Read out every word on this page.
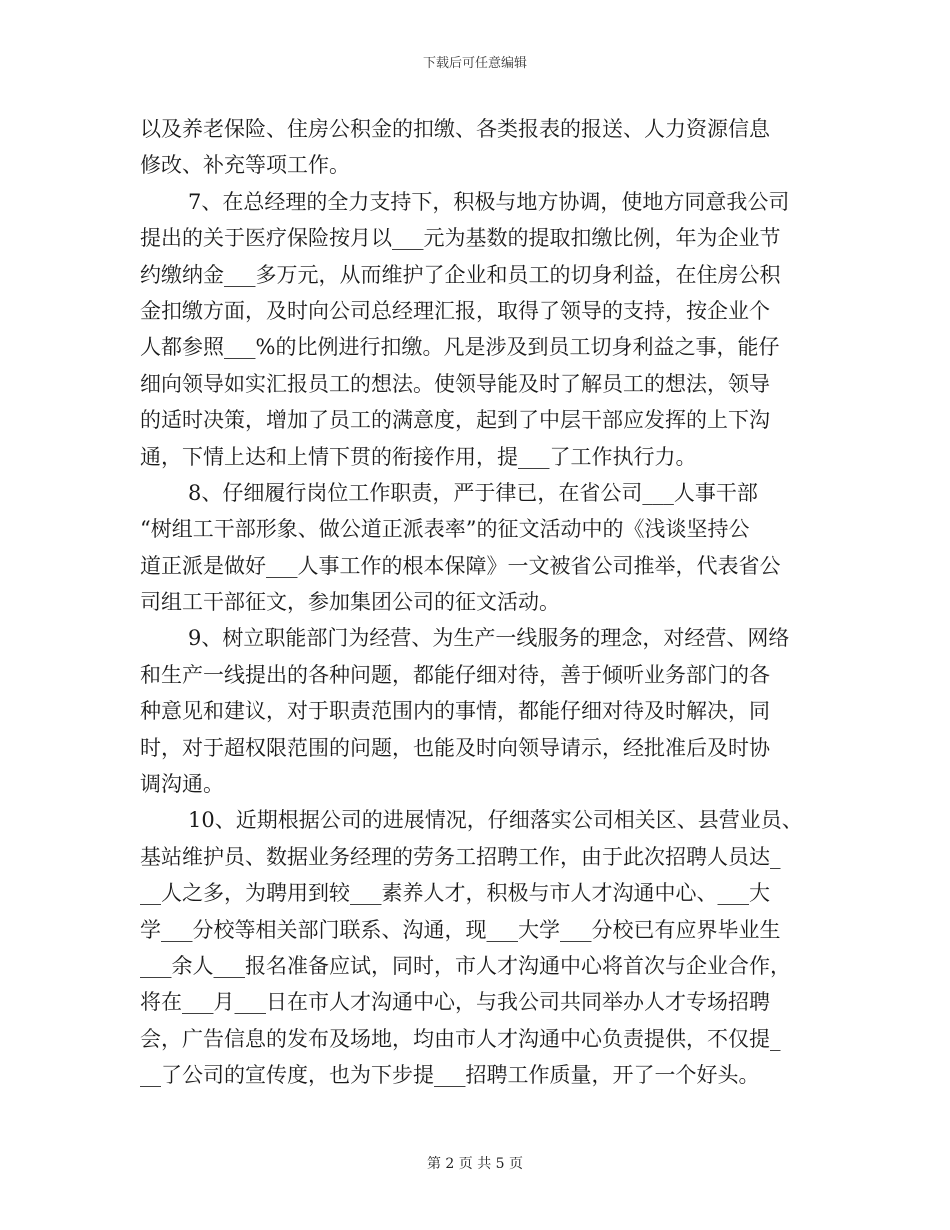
下载后可任意编辑
以及养老保险、住房公积金的扣缴、各类报表的报送、人力资源信息
修改、补充等项工作。
7、在总经理的全力支持下，积极与地方协调，使地方同意我公司
提出的关于医疗保险按月以___元为基数的提取扣缴比例，年为企业节
约缴纳金___多万元，从而维护了企业和员工的切身利益，在住房公积
金扣缴方面，及时向公司总经理汇报，取得了领导的支持，按企业个
人都参照___%的比例进行扣缴。凡是涉及到员工切身利益之事，能仔
细向领导如实汇报员工的想法。使领导能及时了解员工的想法，领导
的适时决策，增加了员工的满意度，起到了中层干部应发挥的上下沟
通，下情上达和上情下贯的衔接作用，提___了工作执行力。
8、仔细履行岗位工作职责，严于律已，在省公司___人事干部
“树组工干部形象、做公道正派表率”的征文活动中的《浅谈坚持公
道正派是做好___人事工作的根本保障》一文被省公司推举，代表省公
司组工干部征文，参加集团公司的征文活动。
9、树立职能部门为经营、为生产一线服务的理念，对经营、网络
和生产一线提出的各种问题，都能仔细对待，善于倾听业务部门的各
种意见和建议，对于职责范围内的事情，都能仔细对待及时解决，同
时，对于超权限范围的问题，也能及时向领导请示，经批准后及时协
调沟通。
10、近期根据公司的进展情况，仔细落实公司相关区、县营业员、
基站维护员、数据业务经理的劳务工招聘工作，由于此次招聘人员达_
__人之多，为聘用到较___素养人才，积极与市人才沟通中心、___大
学___分校等相关部门联系、沟通，现___大学___分校已有应界毕业生
___余人___报名准备应试，同时，市人才沟通中心将首次与企业合作，
将在___月___日在市人才沟通中心，与我公司共同举办人才专场招聘
会，广告信息的发布及场地，均由市人才沟通中心负责提供，不仅提_
__了公司的宣传度，也为下步提___招聘工作质量，开了一个好头。
第 2 页 共 5 页
